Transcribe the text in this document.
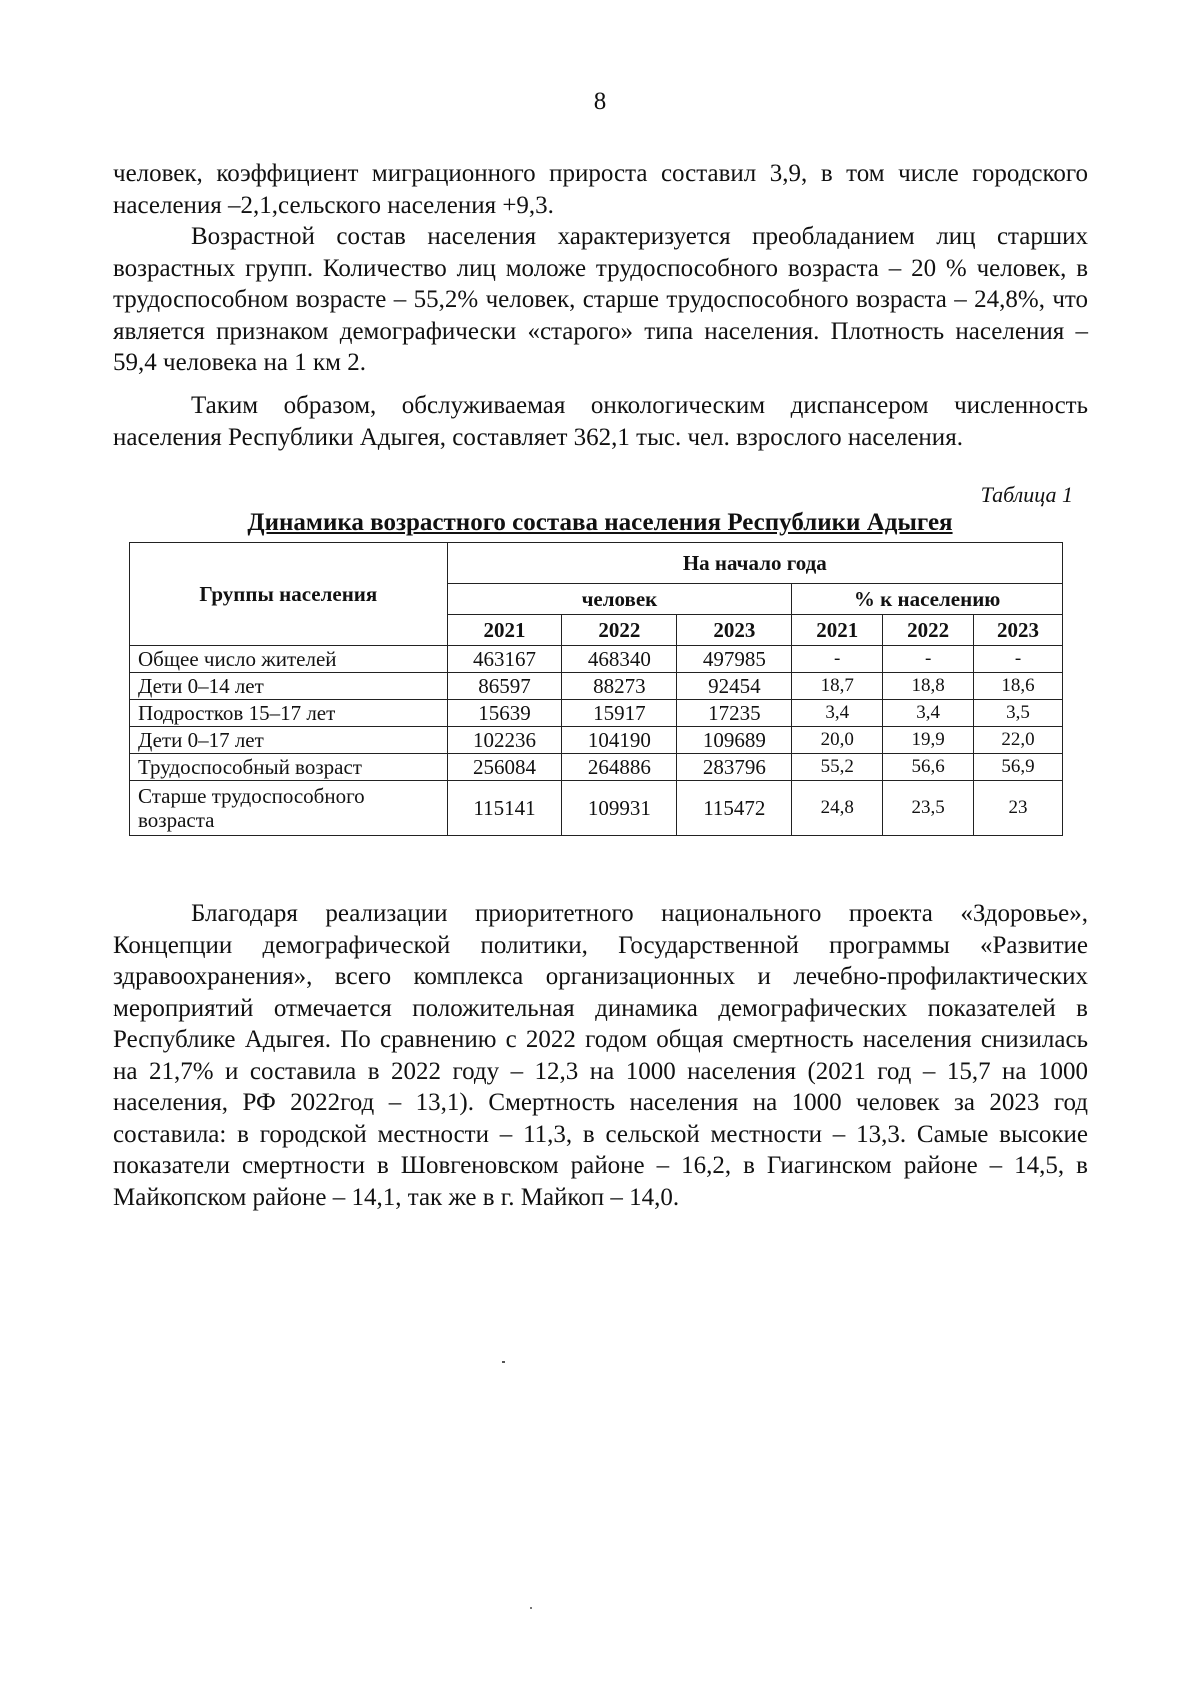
8

человек, коэффициент миграционного прироста составил 3,9, в том числе городского населения –2,1,сельского населения +9,3.

Возрастной состав населения характеризуется преобладанием лиц старших возрастных групп. Количество лиц моложе трудоспособного возраста – 20 % человек, в трудоспособном возрасте – 55,2% человек, старше трудоспособного возраста – 24,8%, что является признаком демографически «старого» типа населения. Плотность населения – 59,4 человека на 1 км 2.

Таким образом, обслуживаемая онкологическим диспансером численность населения Республики Адыгея, составляет 362,1 тыс. чел. взрослого населения.

Таблица 1
Динамика возрастного состава населения Республики Адыгея
Группы населения	На начало года					
	человек			% к населению		
	2021	2022	2023	2021	2022	2023
Общее число жителей	463167	468340	497985	-	-	-
Дети 0–14 лет	86597	88273	92454	18,7	18,8	18,6
Подростков 15–17 лет	15639	15917	17235	3,4	3,4	3,5
Дети 0–17 лет	102236	104190	109689	20,0	19,9	22,0
Трудоспособный возраст	256084	264886	283796	55,2	56,6	56,9
Старше трудоспособного возраста	115141	109931	115472	24,8	23,5	23

Благодаря реализации приоритетного национального проекта «Здоровье», Концепции демографической политики, Государственной программы «Развитие здравоохранения», всего комплекса организационных и лечебно-профилактических мероприятий отмечается положительная динамика демографических показателей в Республике Адыгея. По сравнению с 2022 годом общая смертность населения снизилась на 21,7% и составила в 2022 году – 12,3 на 1000 населения (2021 год – 15,7 на 1000 населения, РФ 2022год – 13,1). Смертность населения на 1000 человек за 2023 год составила: в городской местности – 11,3, в сельской местности – 13,3. Самые высокие показатели смертности в Шовгеновском районе – 16,2, в Гиагинском районе – 14,5, в Майкопском районе – 14,1, так же в г. Майкоп – 14,0.
